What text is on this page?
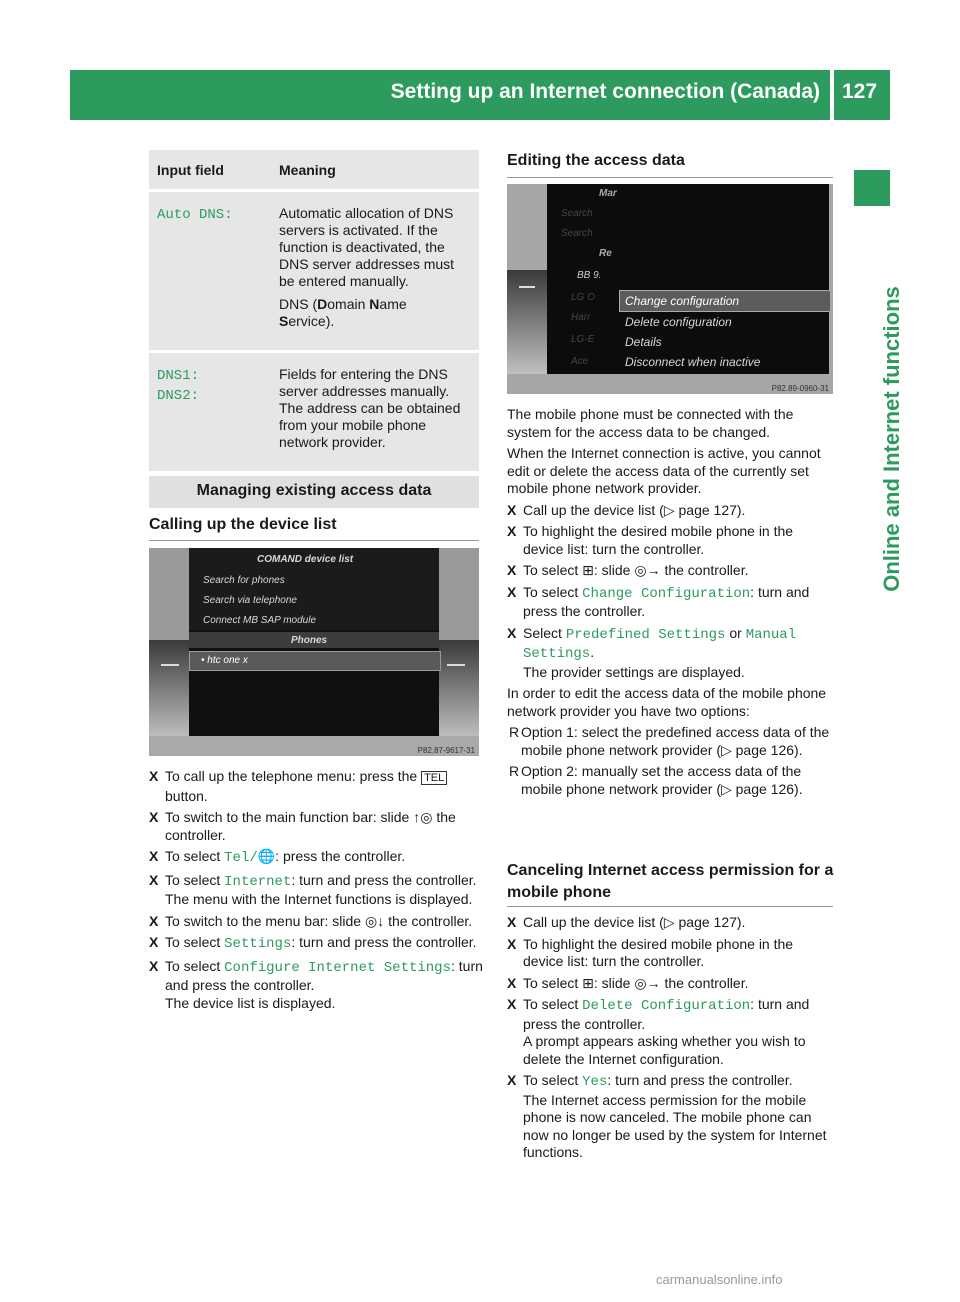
Setting up an Internet connection (Canada) 127
Online and Internet functions
Input field	Meaning
Auto DNS:	Automatic allocation of DNS servers is activated. If the function is deactivated, the DNS server addresses must be entered manually.

DNS (Domain Name
Service).

DNS1:
DNS2:	Fields for entering the DNS server addresses manually. The address can be obtained from your mobile phone network provider.

Managing existing access data
Calling up the device list
COMAND device list
Search for phones
Search via telephone
Connect MB SAP module
Phones
• htc one x
P82.87-9617-31
X To call up the telephone menu: press the TEL button.
X To switch to the main function bar: slide ↑◎ the controller.
X To select Tel/🌐: press the controller.
X To select Internet: turn and press the controller.
The menu with the Internet functions is displayed.
X To switch to the menu bar: slide ◎↓ the controller.
X To select Settings: turn and press the controller.
X To select Configure Internet Settings: turn and press the controller.
The device list is displayed.
Editing the access data
Mar
Search
Search
Re
BB 9.
LG O
Harr
LG-E
Ace
Change configuration
Delete configuration
Details
Disconnect when inactive
P82.89-0960-31
The mobile phone must be connected with the system for the access data to be changed.
When the Internet connection is active, you cannot edit or delete the access data of the currently set mobile phone network provider.
X Call up the device list (▷ page 127).
X To highlight the desired mobile phone in the device list: turn the controller.
X To select ⊞: slide ◎→ the controller.
X To select Change Configuration: turn and press the controller.
X Select Predefined Settings or Manual Settings.
The provider settings are displayed.
In order to edit the access data of the mobile phone network provider you have two options:
R Option 1: select the predefined access data of the mobile phone network provider (▷ page 126).
R Option 2: manually set the access data of the mobile phone network provider (▷ page 126).
Canceling Internet access permission for a mobile phone
X Call up the device list (▷ page 127).
X To highlight the desired mobile phone in the device list: turn the controller.
X To select ⊞: slide ◎→ the controller.
X To select Delete Configuration: turn and press the controller.
A prompt appears asking whether you wish to delete the Internet configuration.
X To select Yes: turn and press the controller.
The Internet access permission for the mobile phone is now canceled. The mobile phone can now no longer be used by the system for Internet functions.
carmanualsonline.info
